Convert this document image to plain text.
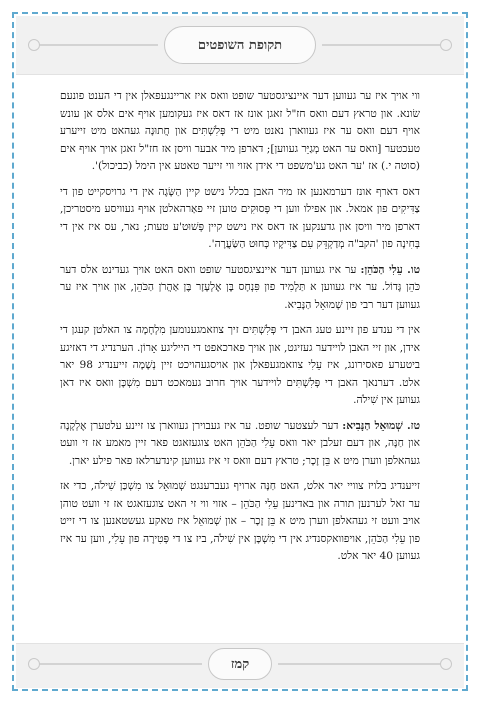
תקופת השופטים

ווי אויך איז ער געווען דער איינציגסטער שופט וואס איז אריינגעפאלן אין די הענט פונעם שׂונא. און טראץ דעם וואס חז"ל זאגן אונז אז דאס איז געקומען אויף אים אלס אן עונש אויף דעם וואס ער איז געווארן נאנט מיט די פְּלִשְׁתִּים און חֲתוּנָה געהאט מיט זייערע טעכטער [וואס ער האט מְגַיֵּר געווען]; דארפן מיר אבער וויסן אז חז"ל זאגן אויך אויף אים (סוטה י.) אז 'ער האט גע'משפט די אידן אזוי ווי זייער טאטע אין הימל (כביכול)'.

דאס דארף אונז דערמאנען אז מיר האבן בכלל נישט קיין הַשָּׂגָה אין די גרויסקייט פון די צַדִּיקִים פון אמאל. און אפילו ווען די פְּסוּקִים טוען זיי פאַרהאלטן אויף געוויסע מיסטריכן, דארפן מיר וויסן און גדענקען אז דאס איז נישט קיין פְּשׁוּט'ע טעות; נאר, עס איז אין די בְּחִינָה פון 'הקב"ה מְדַקְדֵּק עִם צַדִּיקָיו כְּחוּט הַשַּׂעֲרָה'.

טו. עֵלִי הַכֹּהֵן: ער איז געווען דער איינציגסטער שופט וואס האט אויך געדינט אלס דער כֹּהֵן גָּדוֹל. ער איז געווען א תַּלְמִיד פון פִּנְחָס בֶּן אֶלְעָזָר בֶּן אַהֲרֹן הַכֹּהֵן, און אויך איז ער געווען דער רבי פון שְׁמוּאֵל הַנָּבִיא.

אין די ענדע פון זיינע טעג האבן די פְּלִשְׁתִּים זיך צוזאמגענומען מִלְחָמָה צו האלטן קעגן די אידן, און זיי האבן לויידער געזיגט, און אויך פארכאפט די הייליגע אָרוֹן. הערנדיג די דאזיגע ביטערע פאסירונג, איז עֵלִי צוזאמגעפאלן און אויסגעהויכט זיין נְשָׁמָה זייענדיג 98 יאר אלט. דערנאך האבן די פְּלִשְׁתִּים לויידער אויך חרוב געמאכט דעם מִשְׁכָּן וואס איז דאן געווען אין שִׁילֹה.

טז. שְׁמוּאֵל הַנָּבִיא: דער לעצטער שופט. ער איז געבוירן געווארן צו זיינע עלטערן אֶלְקָנָה און חַנָּה, און דעם זעלבן יאר וואס עֵלִי הַכֹּהֵן האט צוגעזאגט פאר זיין מאמע אז זי וועט געהאלפן ווערן מיט א בֵּן זָכָר; טראץ דעם וואס זי איז געווען קינדערלאז פאר פילע יארן.

זייענדיג בלויז צוויי יאר אלט, האט חַנָּה ארויף געברענגט שְׁמוּאֵל צו מִשְׁכַּן שִׁילֹה, כדי אז ער זאל לערנען תורה און באדינען עֵלִי הַכֹּהֵן – אזוי ווי זי האט צוגעזאגט אז זי וועט טוהן אויב וועט זי געהאלפן ווערן מיט א בֵּן זָכָר – און שְׁמוּאֵל איז טאקע געשטאנען צו די זייט פון עֵלִי הַכֹּהֵן, אויפוואקסנדיג אין די מִשְׁכָּן אין שִׁילֹה, ביז צו די פְּטִירָה פון עֵלִי, ווען ער איז געווען 40 יאר אלט.

קמז
